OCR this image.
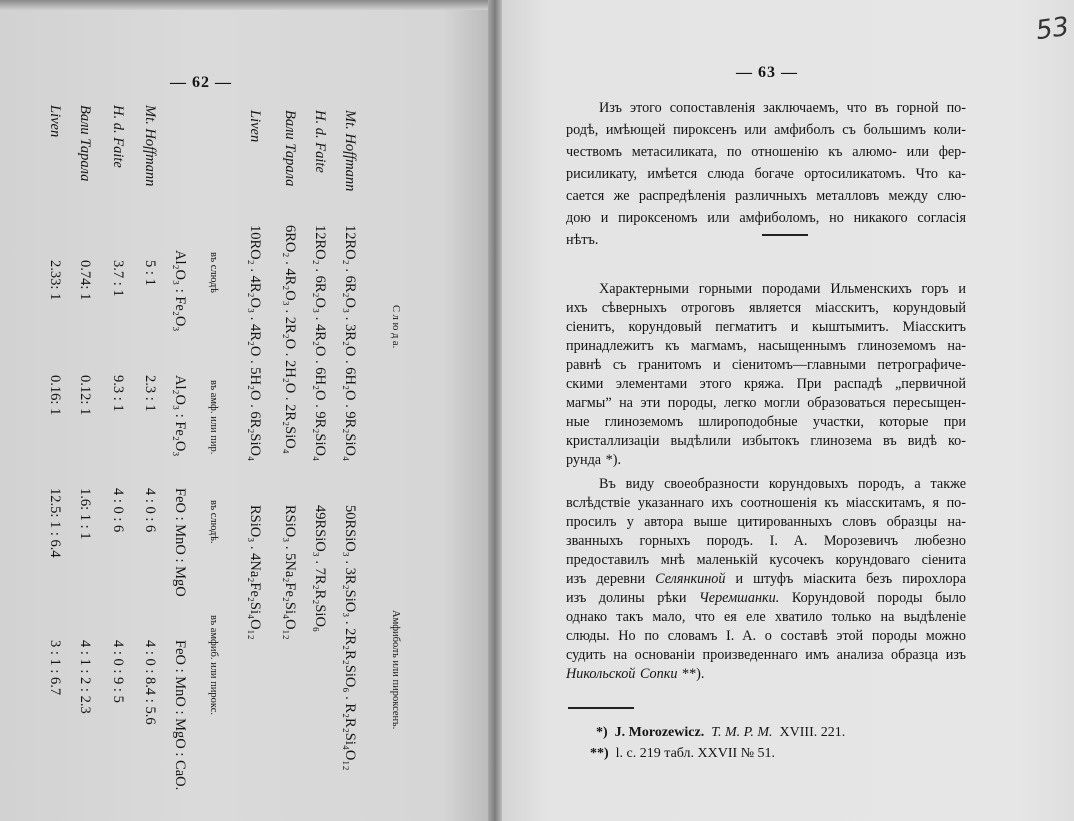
— 62 —
С л ю д а.
Амфиболъ или пироксенъ.
Mt. Hoffmann
12RO₂ . 6R₂O₃ . 3R₂O . 6H₂O . 9R₂SiO₄
50RSiO₃ . 3R₂SiO₃ . 2R₂R₂SiO₆ . R₂R₂Si₄O₁₂
H. d. Faite
12RO₂ . 6R₂O₃ . 4R₂O . 6H₂O . 9R₂SiO₄
49RSiO₃ . 7R₂R₂SiO₆
Вали Тарала
6RO₂ . 4R₂O₃ . 2R₂O . 2H₂O . 2R₂SiO₄
RSiO₃ . 5Na₂Fe₂Si₄O₁₂
Liven
10RO₂ . 4R₂O₃ . 4R₂O . 5H₂O . 6R₂SiO₄
RSiO₃ . 4Na₂Fe₂Si₄O₁₂
въ слюдѣ
въ амф. или пир.
въ слюдѣ.
въ амфиб. или пирокс.
Al₂O₃ : Fe₂O₃
Al₂O₃ : Fe₂O₃
FeO : MnO : MgO
FeO : MnO : MgO : CaO.
Mt. Hoffmann
5 : 1
2.3 : 1
4 : 0 : 6
4 : 0 : 8.4 : 5.6
H. d. Faite
3.7 : 1
9.3 : 1
4 : 0 : 6
4 : 0 : 9 : 5
Вали Тарала
0.74: 1
0.12: 1
1.6: 1 : 1
4 : 1 : 2 : 2.3
Liven
2.33: 1
0.16: 1
12.5: 1 : 6.4
3 : 1 : 6.7
— 63 —
53
Изъ этого сопоставленія заключаемъ, что въ горной по-
родѣ, имѣющей пироксенъ или амфиболъ съ большимъ коли-
чествомъ метасиликата, по отношенію къ алюмо- или фер-
рисиликату, имѣется слюда богаче ортосиликатомъ. Что ка-
сается же распредѣленія различныхъ металловъ между слю-
дою и пироксеномъ или амфиболомъ, но никакого согласія нѣтъ.
Характерными горными породами Ильменскихъ горъ и
ихъ сѣверныхъ отроговъ является міасскитъ, корундовый
сіенитъ, корундовый пегматитъ и кыштымитъ. Міасскитъ
принадлежитъ къ магмамъ, насыщеннымъ глиноземомъ на-
равнѣ съ гранитомъ и сіенитомъ—главными петрографиче-
скими элементами этого кряжа. При распадѣ „первичной
магмы” на эти породы, легко могли образоваться пересыщен-
ные глиноземомъ шлироподобные участки, которые при
кристаллизаціи выдѣлили избытокъ глинозема въ видѣ ко-
рунда *).
Въ виду своеобразности корундовыхъ породъ, а также
вслѣдствіе указаннаго ихъ соотношенія къ міасскитамъ, я по-
просилъ у автора выше цитированныхъ словъ образцы на-
званныхъ горныхъ породъ. I. A. Морозевичъ любезно
предоставилъ мнѣ маленькій кусочекъ корундоваго сіенита
изъ деревни Селянкиной и штуфъ міаскита безъ пирохлора
изъ долины рѣки Черемшанки. Корундовой породы было
однако такъ мало, что ея еле хватило только на выдѣленіе
слюды. Но по словамъ I. A. о составѣ этой породы можно
судить на основаніи произведеннаго имъ анализа образца изъ
Никольской Сопки **).
*) J. Morozewicz. T. M. P. M. XVIII. 221.
**) l. c. 219 табл. XXVII № 51.
